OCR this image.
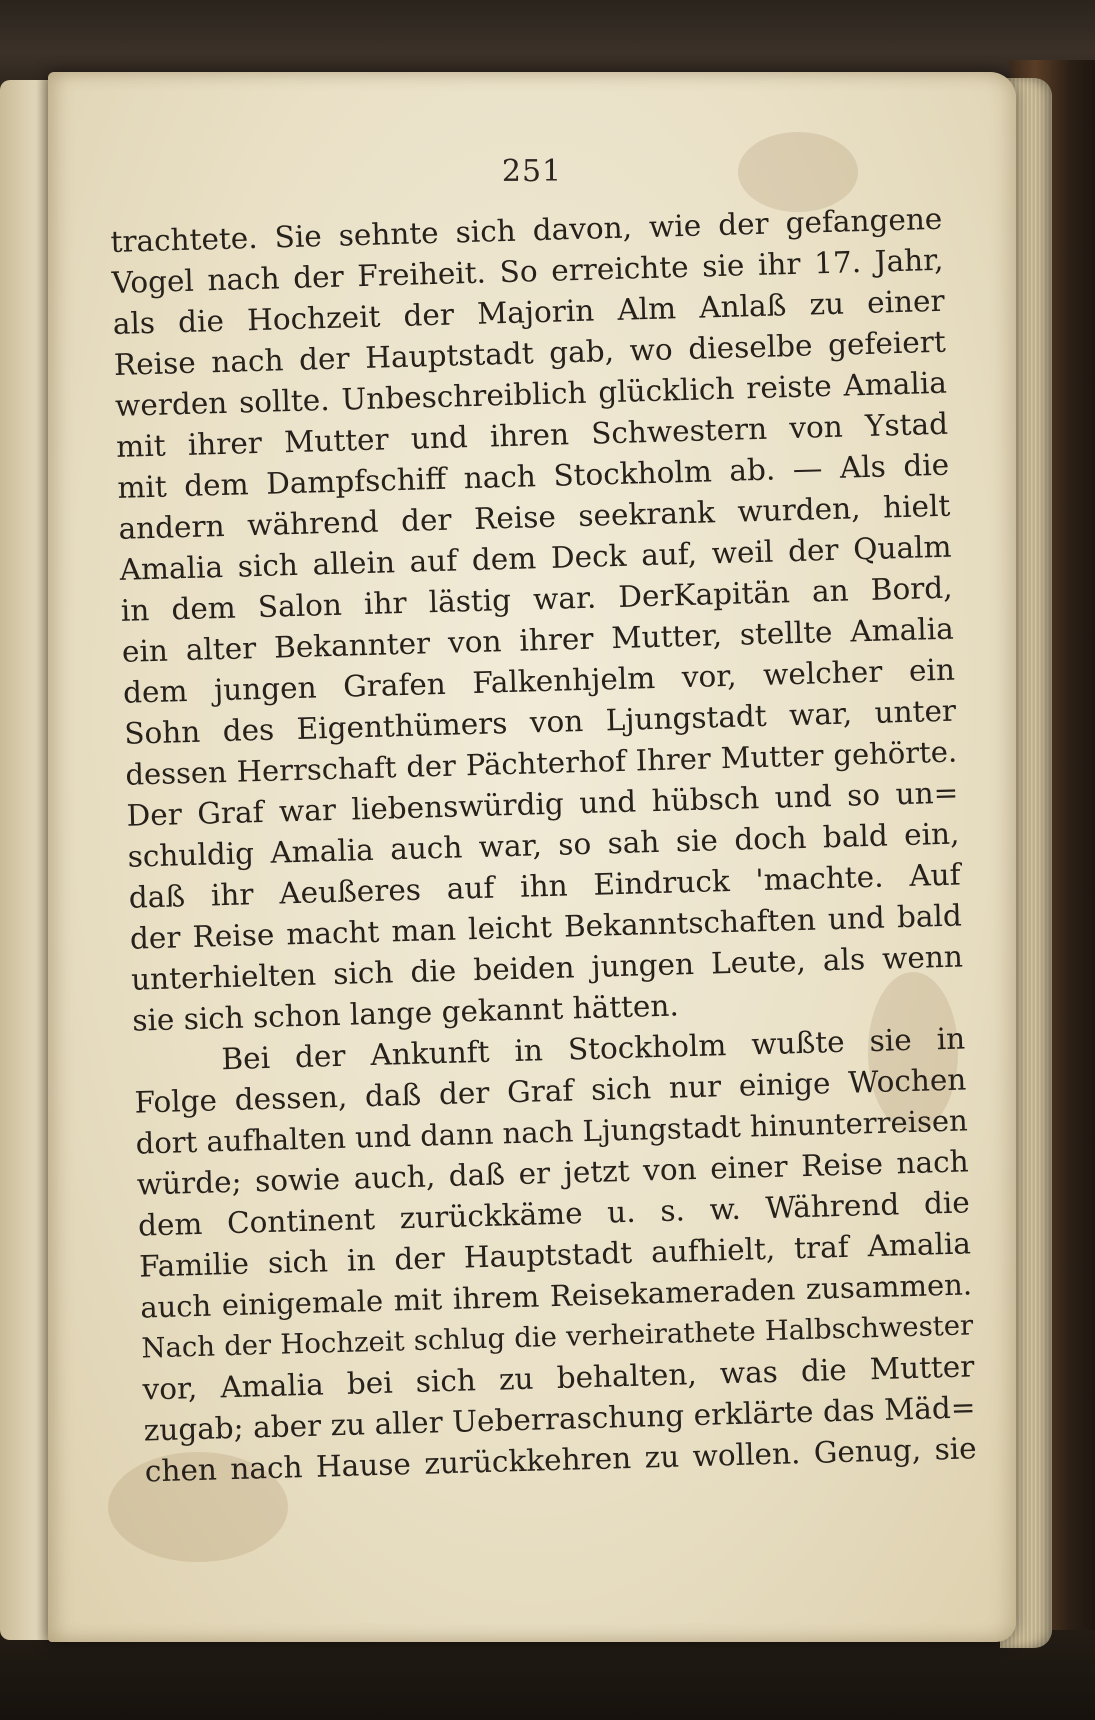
251
trachtete. Sie sehnte sich davon, wie der gefangene
Vogel nach der Freiheit. So erreichte sie ihr 17. Jahr,
als die Hochzeit der Majorin Alm Anlaß zu einer
Reise nach der Hauptstadt gab, wo dieselbe gefeiert
werden sollte. Unbeschreiblich glücklich reiste Amalia
mit ihrer Mutter und ihren Schwestern von Ystad
mit dem Dampfschiff nach Stockholm ab. — Als die
andern während der Reise seekrank wurden, hielt
Amalia sich allein auf dem Deck auf, weil der Qualm
in dem Salon ihr lästig war. DerKapitän an Bord,
ein alter Bekannter von ihrer Mutter, stellte Amalia
dem jungen Grafen Falkenhjelm vor, welcher ein
Sohn des Eigenthümers von Ljungstadt war, unter
dessen Herrschaft der Pächterhof Ihrer Mutter gehörte.
Der Graf war liebenswürdig und hübsch und so un=
schuldig Amalia auch war, so sah sie doch bald ein,
daß ihr Aeußeres auf ihn Eindruck 'machte. Auf
der Reise macht man leicht Bekanntschaften und bald
unterhielten sich die beiden jungen Leute, als wenn
sie sich schon lange gekannt hätten.
Bei der Ankunft in Stockholm wußte sie in
Folge dessen, daß der Graf sich nur einige Wochen
dort aufhalten und dann nach Ljungstadt hinunterreisen
würde; sowie auch, daß er jetzt von einer Reise nach
dem Continent zurückkäme u. s. w. Während die
Familie sich in der Hauptstadt aufhielt, traf Amalia
auch einigemale mit ihrem Reisekameraden zusammen.
Nach der Hochzeit schlug die verheirathete Halbschwester
vor, Amalia bei sich zu behalten, was die Mutter
zugab; aber zu aller Ueberraschung erklärte das Mäd=
chen nach Hause zurückkehren zu wollen. Genug, sie
